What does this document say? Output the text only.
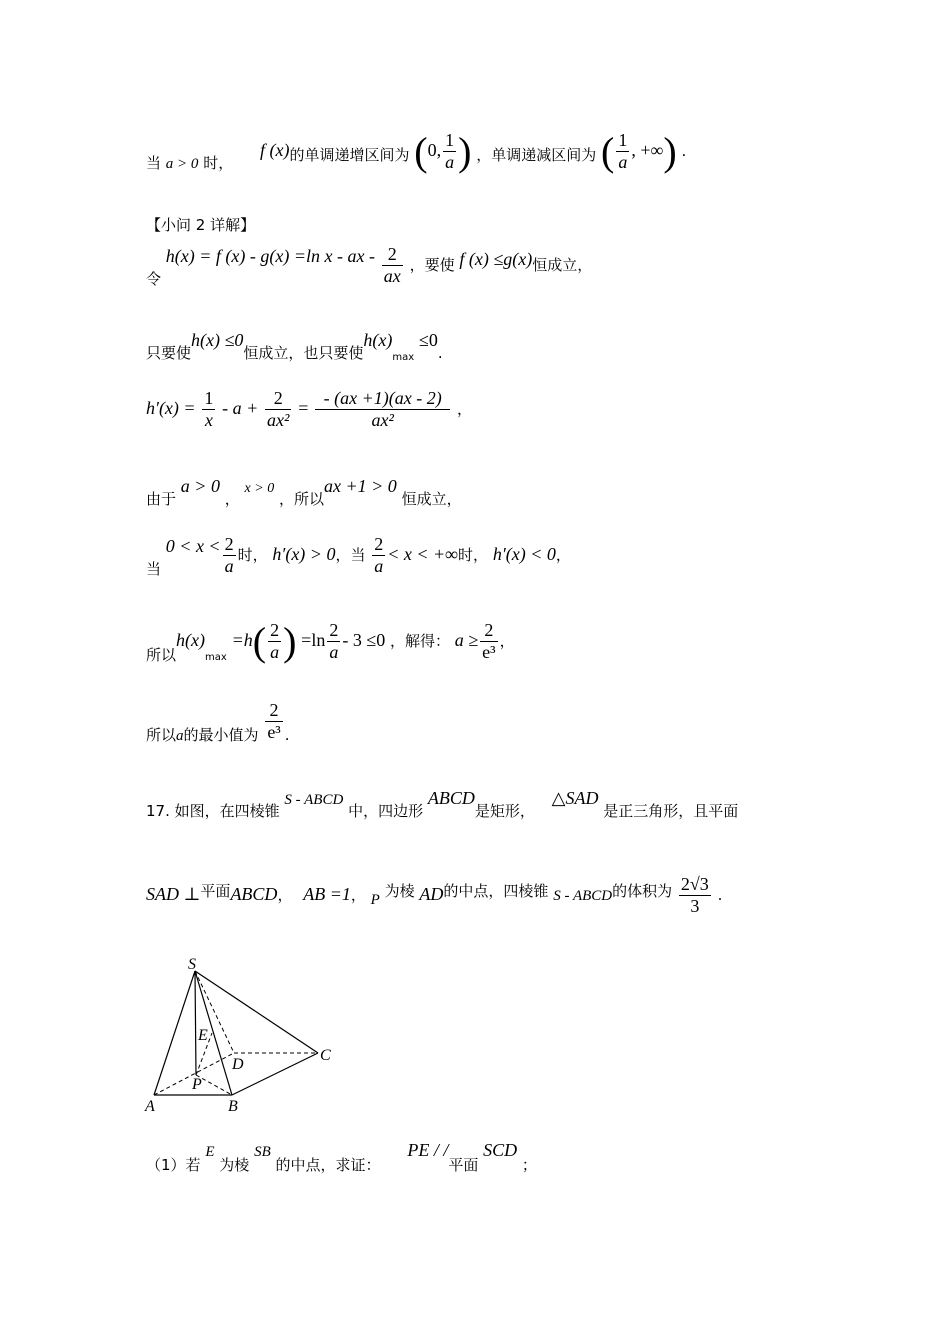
当 a > 0 时， f (x)的单调递增区间为 (0, $\frac{1}{a}$ ) ，单调递减区间为 ( $\frac{1}{a}$ , +∞) .
【小问 2 详解】
令 h(x) = f (x) - g(x) =ln x - ax - $\frac{2}{ax}$ ，要使 f (x) ≤g(x)恒成立，
只要使h(x) ≤0恒成立，也只要使$h(x)_{max} \le 0$.
$h'(x) = \frac{1}{x} - a + \frac{2}{\text{ax²}} = \frac{- (ax +1)(ax - 2)}{\text{ax²}}$ ，
由于 a > 0 ， x > 0 ，所以ax +1 > 0 恒成立，
当 $0 < x < \frac{2}{a}$ 时， h′(x) > 0，当 $\frac{2}{a} < x$ < +∞时， h′(x) < 0，
所以$h(x)_{max} =h( \frac{2}{a}$ ) $=\ln \frac{2}{a} - 3 \le 0$ ，解得： $a \ge \frac{2}{\text{e³}}$ ，
所以a的最小值为 $\frac{2}{\text{e³}}$ .
17. 如图，在四棱锥 S - ABCD 中，四边形 ABCD是矩形， △SAD 是正三角形，且平面
SAD ⊥平面ABCD， AB =1， P 为棱 AD的中点，四棱锥 S - ABCD的体积为 $\frac{2√3}{3}$ .
S
E
D
C
P
A	B
（1）若 E 为棱 SB 的中点，求证： PE / /平面 SCD ；
